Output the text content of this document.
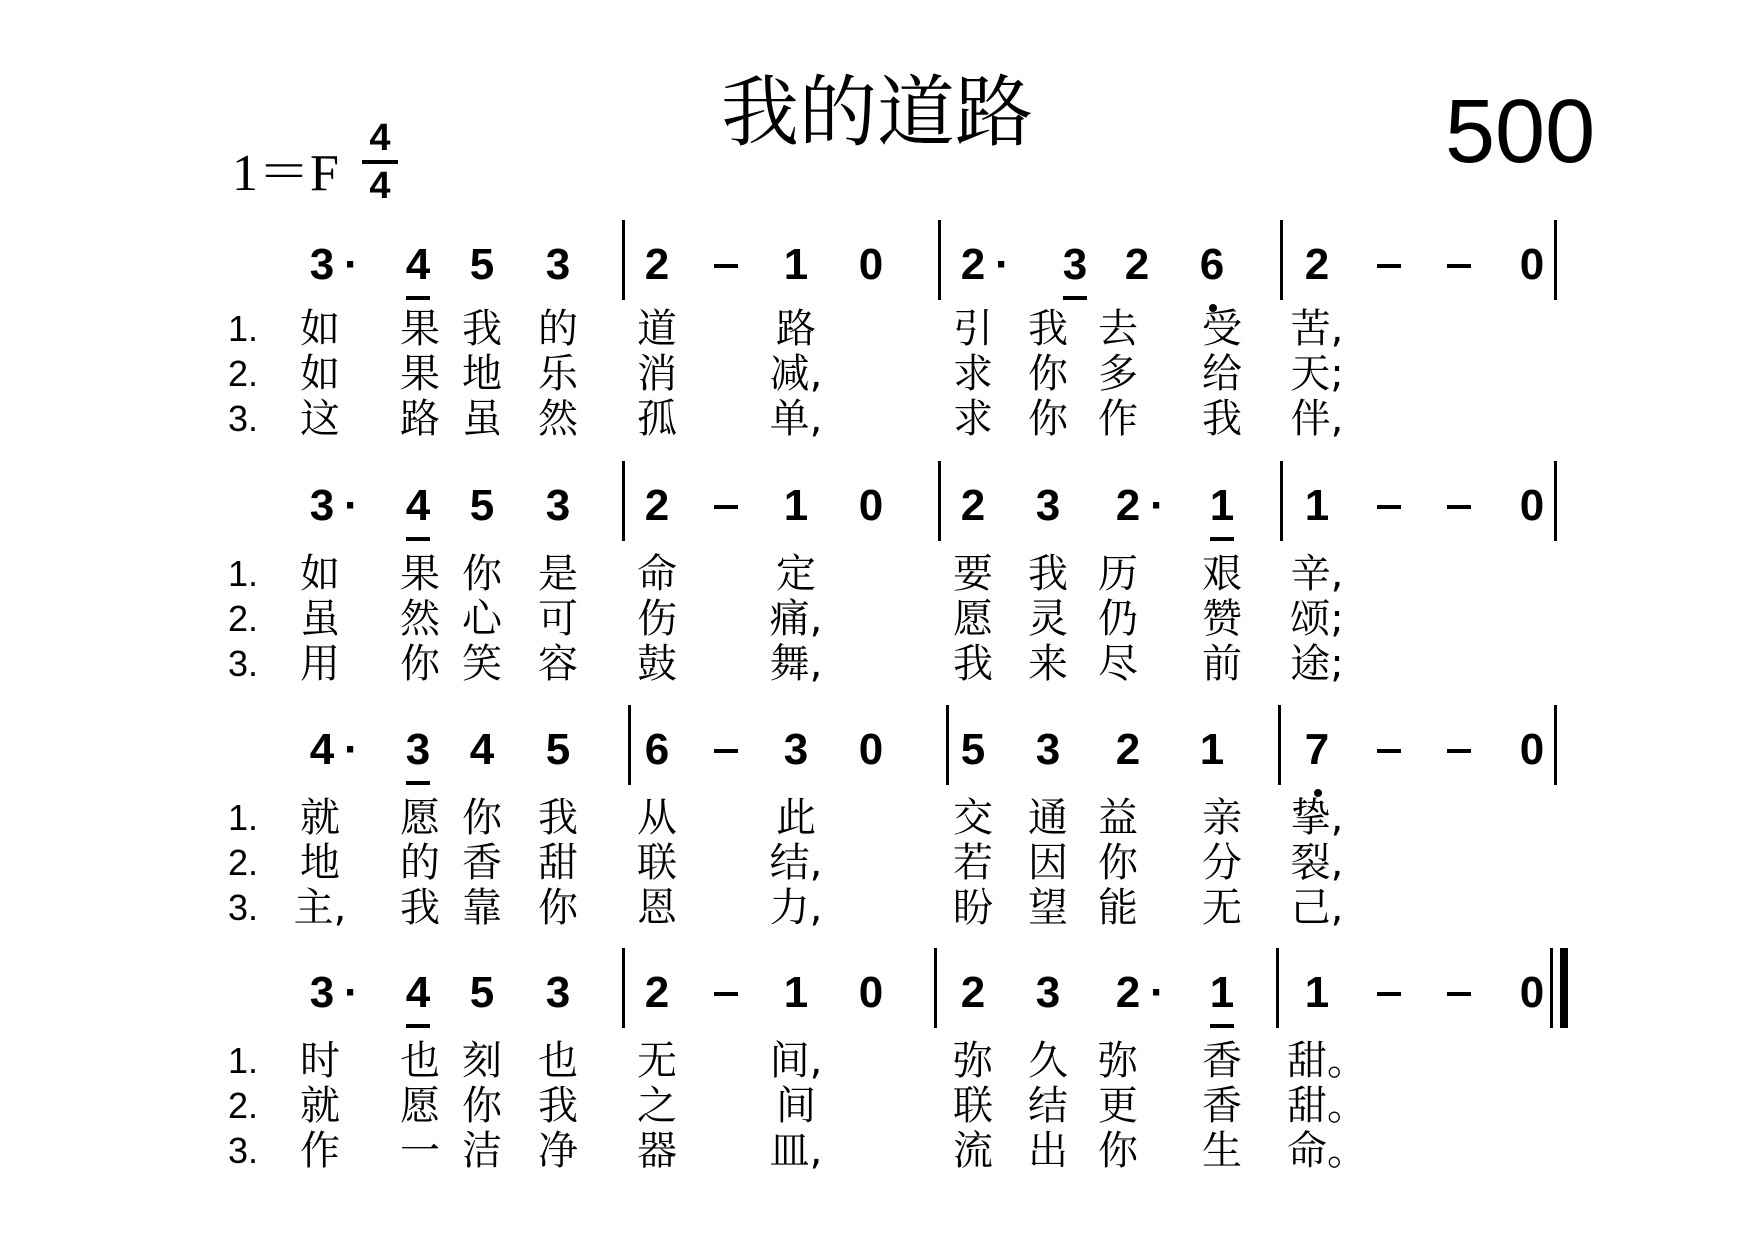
我的道路	500
1＝F
4
4
3 ·	4 5	3	2	1	0	2 ·	3 2	6	2	0
1. 如 果 我 的 道 路	引 我 去 受 苦,
2. 如 果 地 乐 消 减,	求 你 多 给 天;
3. 这 路 虽 然 孤 单,	求 你 作 我 伴,
3 ·	4 5	3	2	1	0	2	3	2 ·	1	1	0
1. 如 果 你 是 命 定	要 我 历 艰 辛,
2. 虽 然 心 可 伤 痛,	愿 灵 仍 赞 颂;
3. 用 你 笑 容 鼓 舞,	我 来 尽 前 途;
4 ·	3 4	5	6	3	0	5	3	2	1	7	0
1. 就 愿 你 我 从 此	交 通 益 亲 挚,
2. 地 的 香 甜 联 结,	若 因 你 分 裂,
3. 主, 我 靠 你 恩 力,	盼 望 能 无 己,
3 ·	4 5	3	2	1	0	2	3	2 ·	1	1	0
1. 时 也 刻 也 无 间,	弥 久 弥 香 甜。
2. 就 愿 你 我 之 间	联 结 更 香 甜。
3. 作 一 洁 净 器 皿,	流 出 你 生 命。
